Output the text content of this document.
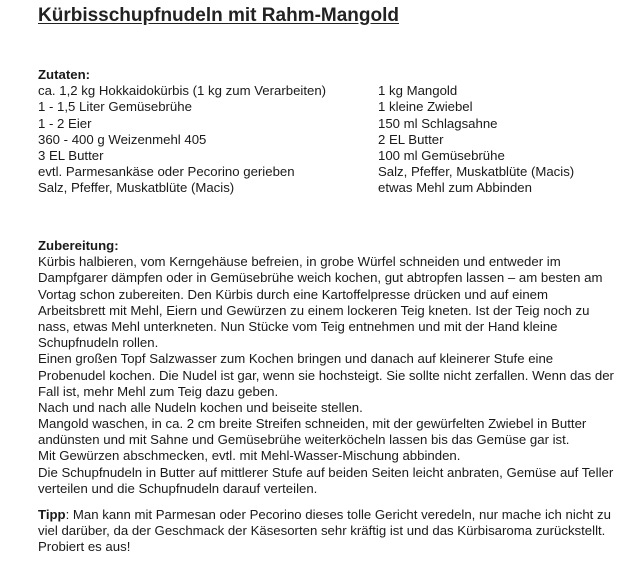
Kürbisschupfnudeln mit Rahm-Mangold
Zutaten:
ca. 1,2 kg Hokkaidokürbis (1 kg zum Verarbeiten)
1 - 1,5 Liter Gemüsebrühe
1 - 2 Eier
360 - 400 g Weizenmehl 405
3 EL Butter
evtl. Parmesankäse oder Pecorino gerieben
Salz, Pfeffer, Muskatblüte (Macis)
1 kg Mangold
1 kleine Zwiebel
150 ml Schlagsahne
2 EL Butter
100 ml Gemüsebrühe
Salz, Pfeffer, Muskatblüte (Macis)
etwas Mehl zum Abbinden
Zubereitung:
Kürbis halbieren, vom Kerngehäuse befreien, in grobe Würfel schneiden und entweder im
Dampfgarer dämpfen oder in Gemüsebrühe weich kochen, gut abtropfen lassen – am besten am
Vortag schon zubereiten. Den Kürbis durch eine Kartoffelpresse drücken und auf einem
Arbeitsbrett mit Mehl, Eiern und Gewürzen zu einem lockeren Teig kneten. Ist der Teig noch zu
nass, etwas Mehl unterkneten. Nun Stücke vom Teig entnehmen und mit der Hand kleine
Schupfnudeln rollen.
Einen großen Topf Salzwasser zum Kochen bringen und danach auf kleinerer Stufe eine
Probenudel kochen. Die Nudel ist gar, wenn sie hochsteigt. Sie sollte nicht zerfallen. Wenn das der
Fall ist, mehr Mehl zum Teig dazu geben.
Nach und nach alle Nudeln kochen und beiseite stellen.
Mangold waschen, in ca. 2 cm breite Streifen schneiden, mit der gewürfelten Zwiebel in Butter
andünsten und mit Sahne und Gemüsebrühe weiterköcheln lassen bis das Gemüse gar ist.
Mit Gewürzen abschmecken, evtl. mit Mehl-Wasser-Mischung abbinden.
Die Schupfnudeln in Butter auf mittlerer Stufe auf beiden Seiten leicht anbraten, Gemüse auf Teller
verteilen und die Schupfnudeln darauf verteilen.
Tipp: Man kann mit Parmesan oder Pecorino dieses tolle Gericht veredeln, nur mache ich nicht zu
viel darüber, da der Geschmack der Käsesorten sehr kräftig ist und das Kürbisaroma zurückstellt.
Probiert es aus!
